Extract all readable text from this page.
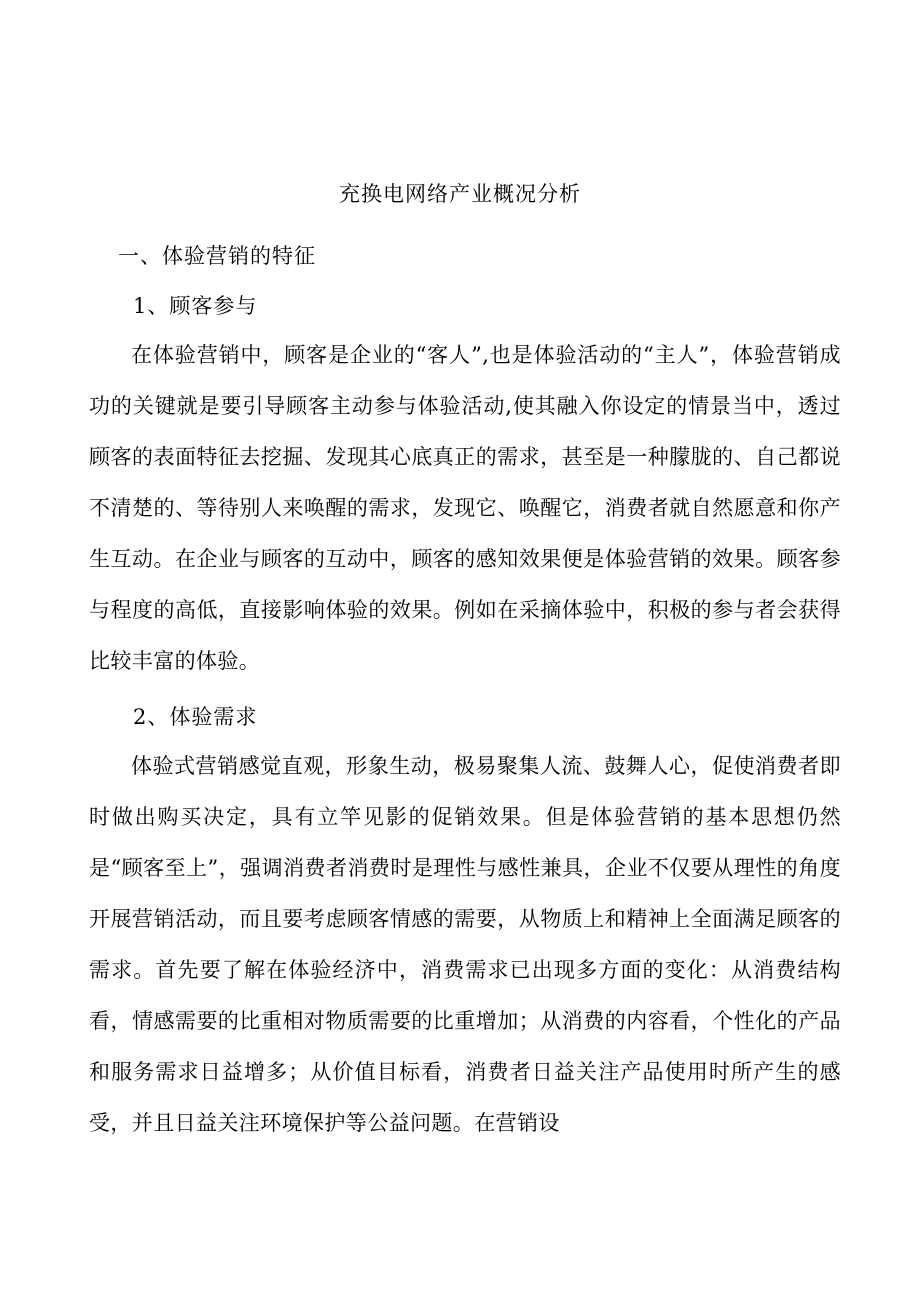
充换电网络产业概况分析
一、体验营销的特征
1、顾客参与

在体验营销中，顾客是企业的“客人”,也是体验活动的“主人”，体验营销成功的关键就是要引导顾客主动参与体验活动,使其融入你设定的情景当中，透过顾客的表面特征去挖掘、发现其心底真正的需求，甚至是一种朦胧的、自己都说不清楚的、等待别人来唤醒的需求，发现它、唤醒它，消费者就自然愿意和你产生互动。在企业与顾客的互动中，顾客的感知效果便是体验营销的效果。顾客参与程度的高低，直接影响体验的效果。例如在采摘体验中，积极的参与者会获得比较丰富的体验。

2、体验需求

体验式营销感觉直观，形象生动，极易聚集人流、鼓舞人心，促使消费者即时做出购买决定，具有立竿见影的促销效果。但是体验营销的基本思想仍然是“顾客至上”，强调消费者消费时是理性与感性兼具，企业不仅要从理性的角度开展营销活动，而且要考虑顾客情感的需要，从物质上和精神上全面满足顾客的需求。首先要了解在体验经济中，消费需求已出现多方面的变化：从消费结构看，情感需要的比重相对物质需要的比重增加；从消费的内容看，个性化的产品和服务需求日益增多；从价值目标看，消费者日益关注产品使用时所产生的感受，并且日益关注环境保护等公益问题。在营销设
